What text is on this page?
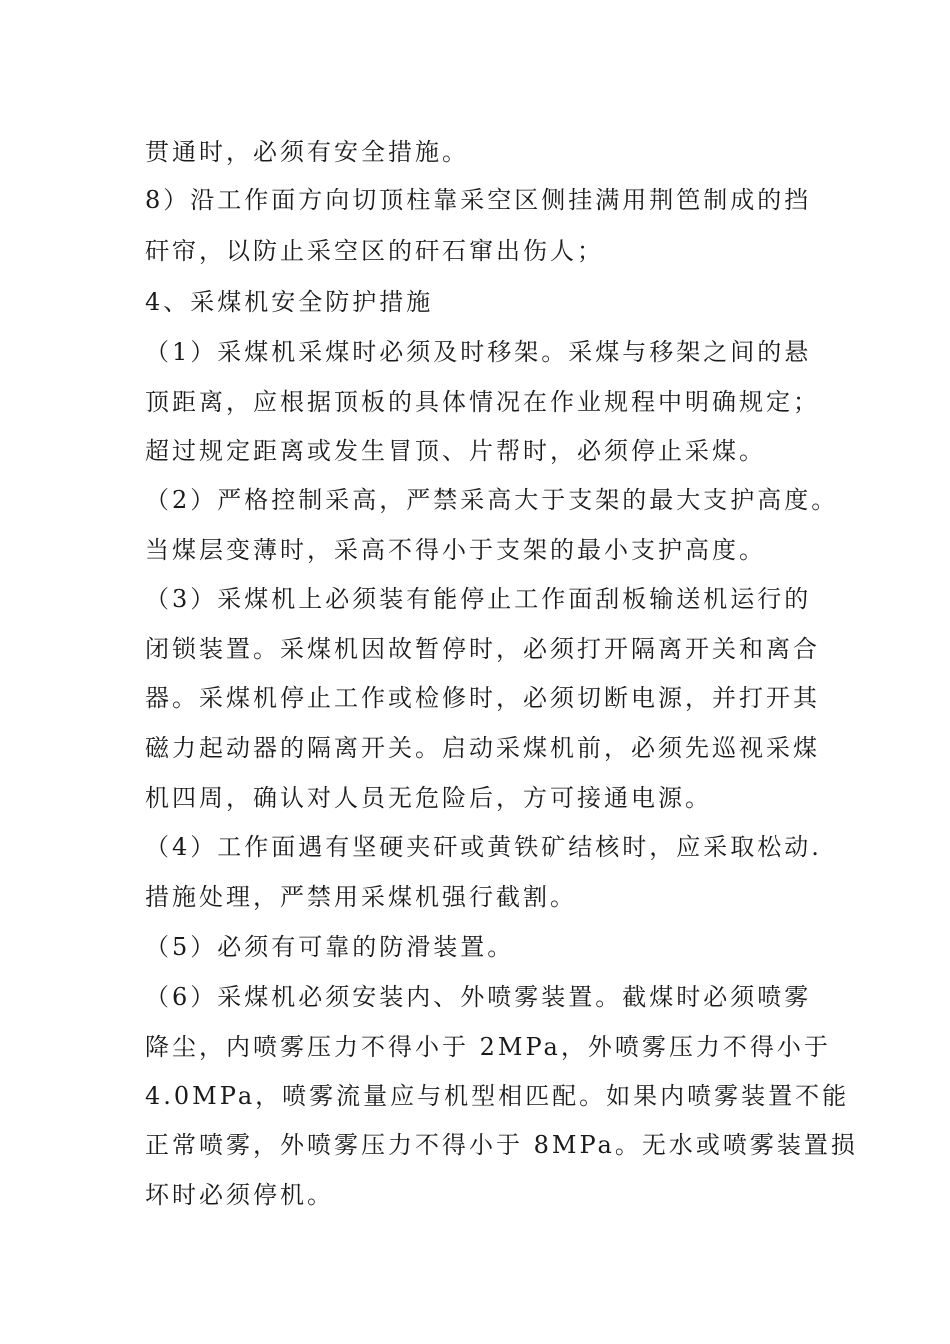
贯通时，必须有安全措施。

8）沿工作面方向切顶柱靠采空区侧挂满用荆笆制成的挡

矸帘，以防止采空区的矸石窜出伤人；

4、采煤机安全防护措施

（1）采煤机采煤时必须及时移架。采煤与移架之间的悬

顶距离，应根据顶板的具体情况在作业规程中明确规定；

超过规定距离或发生冒顶、片帮时，必须停止采煤。

（2）严格控制采高，严禁采高大于支架的最大支护高度。

当煤层变薄时，采高不得小于支架的最小支护高度。

（3）采煤机上必须装有能停止工作面刮板输送机运行的

闭锁装置。采煤机因故暂停时，必须打开隔离开关和离合

器。采煤机停止工作或检修时，必须切断电源，并打开其

磁力起动器的隔离开关。启动采煤机前，必须先巡视采煤

机四周，确认对人员无危险后，方可接通电源。

（4）工作面遇有坚硬夹矸或黄铁矿结核时，应采取松动.

措施处理，严禁用采煤机强行截割。

（5）必须有可靠的防滑装置。

（6）采煤机必须安装内、外喷雾装置。截煤时必须喷雾

降尘，内喷雾压力不得小于 2MPa，外喷雾压力不得小于

4.0MPa，喷雾流量应与机型相匹配。如果内喷雾装置不能

正常喷雾，外喷雾压力不得小于 8MPa。无水或喷雾装置损

坏时必须停机。
